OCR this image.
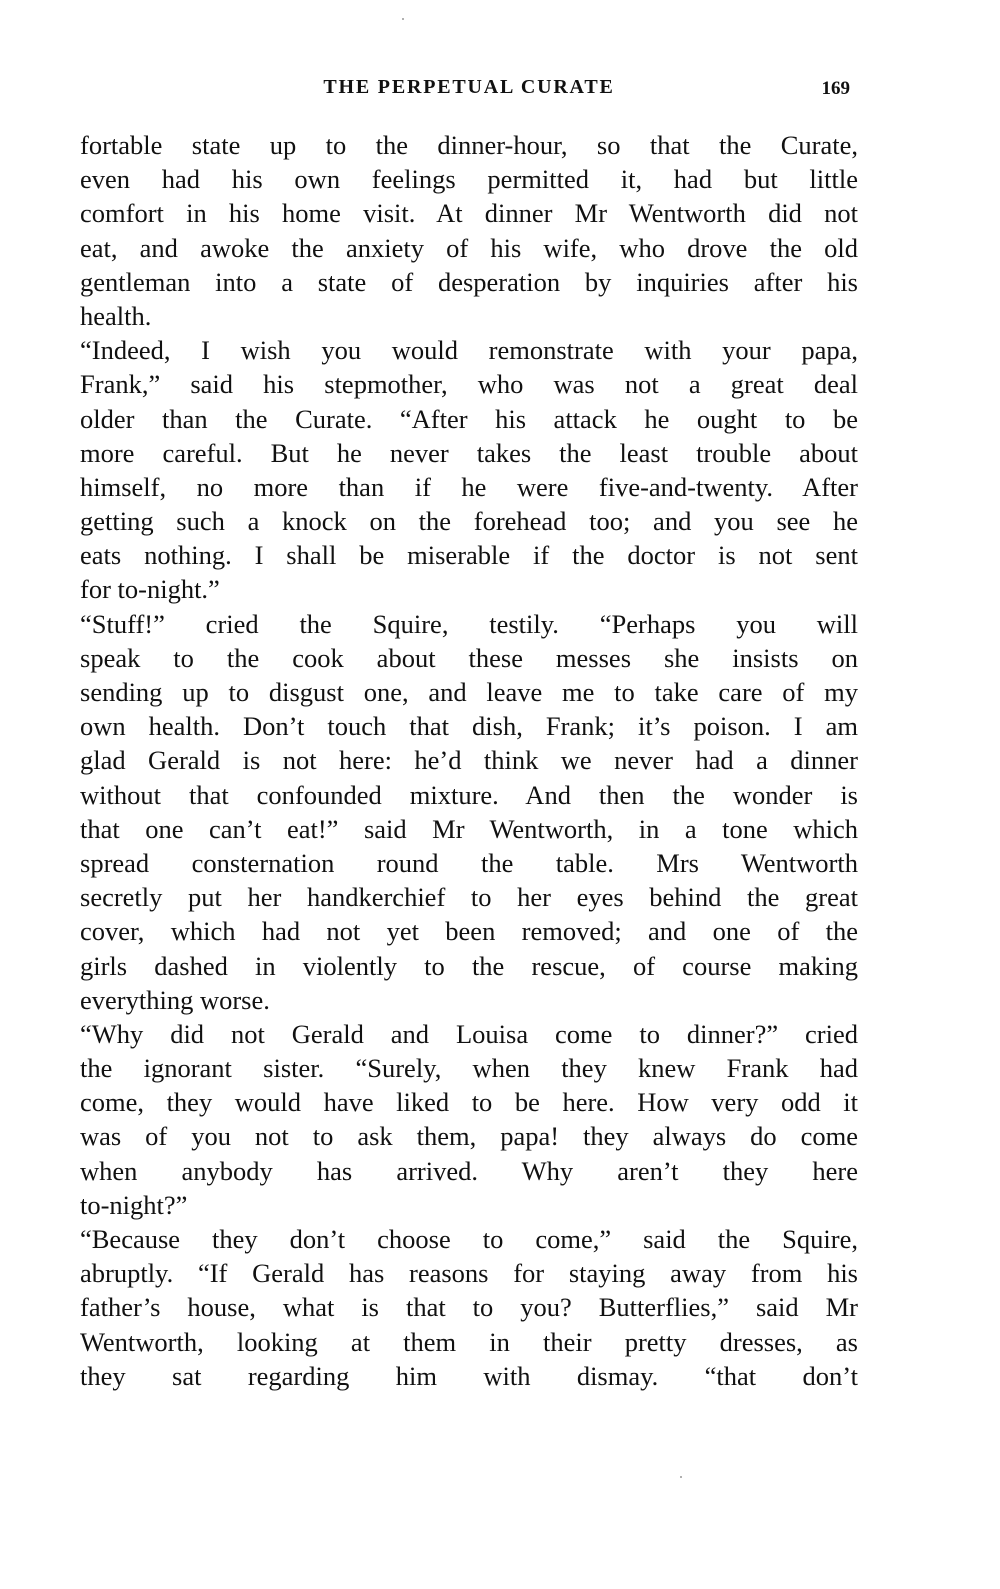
THE PERPETUAL CURATE	169
fortable state up to the dinner-hour, so that the Curate,
even had his own feelings permitted it, had but little
comfort in his home visit. At dinner Mr Wentworth did not
eat, and awoke the anxiety of his wife, who drove the old
gentleman into a state of desperation by inquiries after his
health.
“Indeed, I wish you would remonstrate with your papa,
Frank,” said his stepmother, who was not a great deal
older than the Curate. “After his attack he ought to be
more careful. But he never takes the least trouble about
himself, no more than if he were five-and-twenty. After
getting such a knock on the forehead too; and you see he
eats nothing. I shall be miserable if the doctor is not sent
for to-night.”
“Stuff!” cried the Squire, testily. “Perhaps you will
speak to the cook about these messes she insists on
sending up to disgust one, and leave me to take care of my
own health. Don’t touch that dish, Frank; it’s poison. I am
glad Gerald is not here: he’d think we never had a dinner
without that confounded mixture. And then the wonder is
that one can’t eat!” said Mr Wentworth, in a tone which
spread consternation round the table. Mrs Wentworth
secretly put her handkerchief to her eyes behind the great
cover, which had not yet been removed; and one of the
girls dashed in violently to the rescue, of course making
everything worse.
“Why did not Gerald and Louisa come to dinner?” cried
the ignorant sister. “Surely, when they knew Frank had
come, they would have liked to be here. How very odd it
was of you not to ask them, papa! they always do come
when anybody has arrived. Why aren’t they here
to-night?”
“Because they don’t choose to come,” said the Squire,
abruptly. “If Gerald has reasons for staying away from his
father’s house, what is that to you? Butterflies,” said Mr
Wentworth, looking at them in their pretty dresses, as
they sat regarding him with dismay. “that don’t
